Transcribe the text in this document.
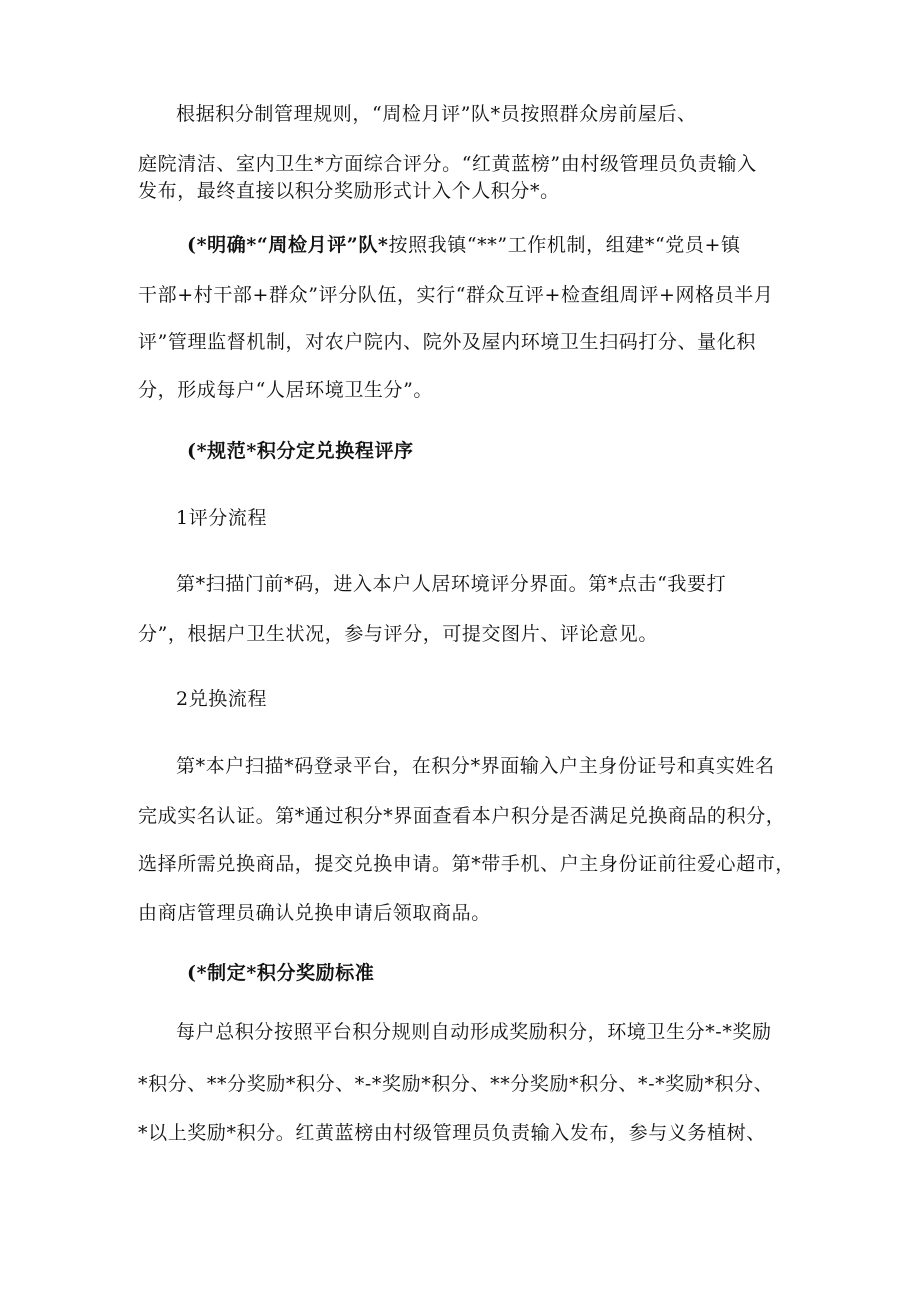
根据积分制管理规则，“周检月评”队*员按照群众房前屋后、
庭院清洁、室内卫生*方面综合评分。“红黄蓝榜”由村级管理员负责输入
发布，最终直接以积分奖励形式计入个人积分*。
(*明确*“周检月评”队*按照我镇“**”工作机制，组建*“党员+镇
干部+村干部+群众”评分队伍，实行“群众互评+检查组周评+网格员半月
评”管理监督机制，对农户院内、院外及屋内环境卫生扫码打分、量化积
分，形成每户“人居环境卫生分”。
(*规范*积分定兑换程评序
1评分流程
第*扫描门前*码，进入本户人居环境评分界面。第*点击“我要打
分”，根据户卫生状况，参与评分，可提交图片、评论意见。
2兑换流程
第*本户扫描*码登录平台，在积分*界面输入户主身份证号和真实姓名
完成实名认证。第*通过积分*界面查看本户积分是否满足兑换商品的积分，
选择所需兑换商品，提交兑换申请。第*带手机、户主身份证前往爱心超市，
由商店管理员确认兑换申请后领取商品。
(*制定*积分奖励标准
每户总积分按照平台积分规则自动形成奖励积分，环境卫生分*-*奖励
*积分、**分奖励*积分、*-*奖励*积分、**分奖励*积分、*-*奖励*积分、
*以上奖励*积分。红黄蓝榜由村级管理员负责输入发布，参与义务植树、
